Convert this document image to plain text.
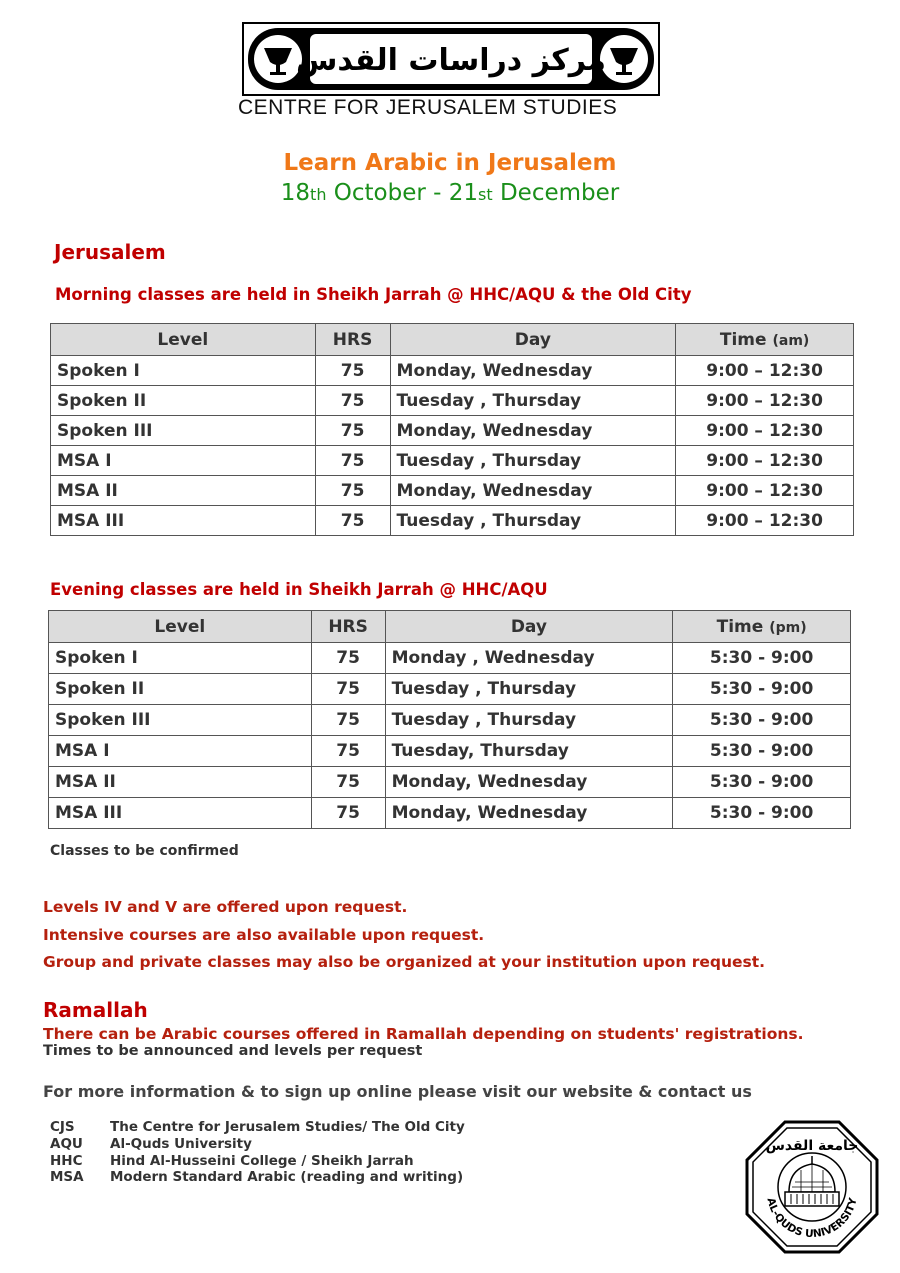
مركز دراسات القدس
CENTRE FOR JERUSALEM STUDIES
Learn Arabic in Jerusalem
18th October - 21st December
Jerusalem
Morning classes are held in Sheikh Jarrah @ HHC/AQU & the Old City
Level	HRS	Day	Time (am)
Spoken I	75	Monday, Wednesday	9:00 – 12:30
Spoken II	75	Tuesday , Thursday	9:00 – 12:30
Spoken III	75	Monday, Wednesday	9:00 – 12:30
MSA I	75	Tuesday , Thursday	9:00 – 12:30
MSA II	75	Monday, Wednesday	9:00 – 12:30
MSA III	75	Tuesday , Thursday	9:00 – 12:30
Evening classes are held in Sheikh Jarrah @ HHC/AQU
Level	HRS	Day	Time (pm)
Spoken I	75	Monday , Wednesday	5:30 - 9:00
Spoken II	75	Tuesday , Thursday	5:30 - 9:00
Spoken III	75	Tuesday , Thursday	5:30 - 9:00
MSA I	75	Tuesday, Thursday	5:30 - 9:00
MSA II	75	Monday, Wednesday	5:30 - 9:00
MSA III	75	Monday, Wednesday	5:30 - 9:00
Classes to be confirmed
Levels IV and V are offered upon request.
Intensive courses are also available upon request.
Group and private classes may also be organized at your institution upon request.
Ramallah
There can be Arabic courses offered in Ramallah depending on students' registrations.
Times to be announced and levels per request
For more information & to sign up online please visit our website & contact us
CJS	The Centre for Jerusalem Studies/ The Old City
AQU Al-Quds University
HHC Hind Al-Husseini College / Sheikh Jarrah
MSA Modern Standard Arabic (reading and writing)
جامعة القدس
AL-QUDS UNIVERSITY
